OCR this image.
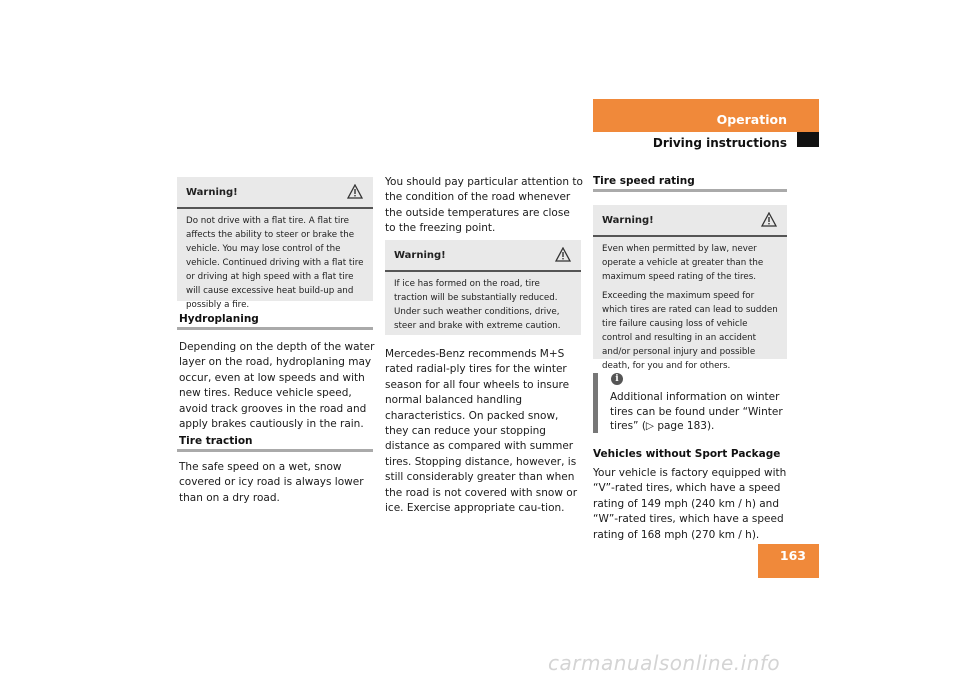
Operation
Driving instructions
Warning!
Do not drive with a flat tire. A flat tire affects the ability to steer or brake the vehicle. You may lose control of the vehicle. Continued driving with a flat tire or driving at high speed with a flat tire will cause excessive heat build-up and possibly a fire.
Hydroplaning
Depending on the depth of the water layer on the road, hydroplaning may occur, even at low speeds and with new tires. Reduce vehicle speed, avoid track grooves in the road and apply brakes cautiously in the rain.
Tire traction
The safe speed on a wet, snow covered or icy road is always lower than on a dry road.
You should pay particular attention to the condition of the road whenever the outside temperatures are close to the freezing point.
Warning!
If ice has formed on the road, tire traction will be substantially reduced. Under such weather conditions, drive, steer and brake with extreme caution.
Mercedes-Benz recommends M+S rated radial-ply tires for the winter season for all four wheels to insure normal balanced handling characteristics. On packed snow, they can reduce your stopping distance as compared with summer tires. Stopping distance, however, is still considerably greater than when the road is not covered with snow or ice. Exercise appropriate cau-tion.
Tire speed rating
Warning!

Even when permitted by law, never operate a vehicle at greater than the maximum speed rating of the tires.

Exceeding the maximum speed for which tires are rated can lead to sudden tire failure causing loss of vehicle control and resulting in an accident and/or personal injury and possible death, for you and for others.

i
Additional information on winter tires can be found under “Winter tires” (▷ page 183).
Vehicles without Sport Package
Your vehicle is factory equipped with “V”-rated tires, which have a speed rating of 149 mph (240 km / h) and “W”-rated tires, which have a speed rating of 168 mph (270 km / h).
163
carmanualsonline.info
